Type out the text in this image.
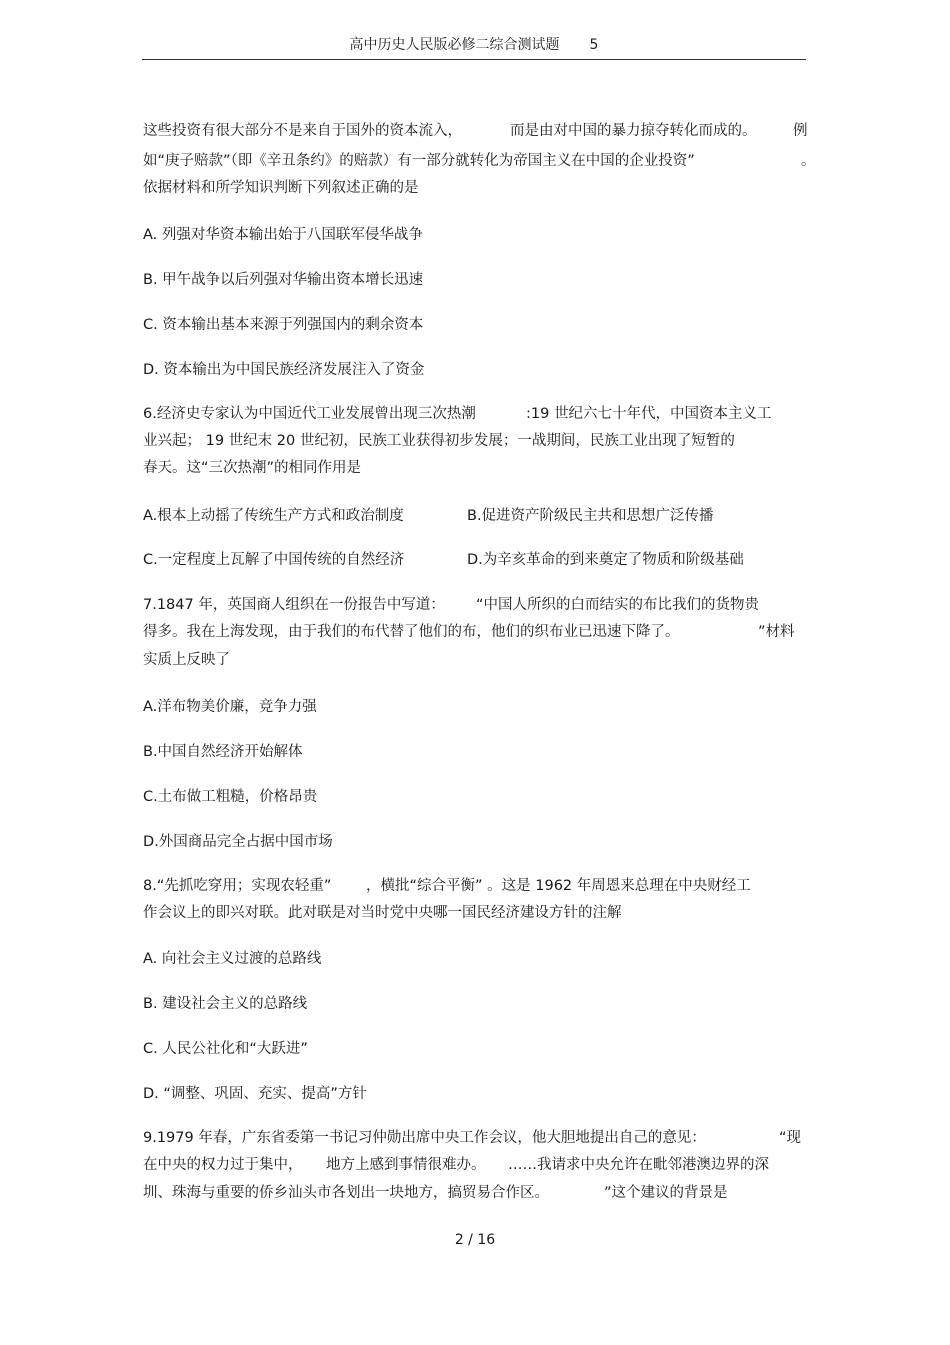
高中历史人民版必修二综合测试题 5
这些投资有很大部分不是来自于国外的资本流入，	而是由对中国的暴力掠夺转化而成的。	例
如“庚子赔款”（即《辛丑条约》的赔款）有一部分就转化为帝国主义在中国的企业投资”	。
依据材料和所学知识判断下列叙述正确的是
A. 列强对华资本输出始于八国联军侵华战争
B. 甲午战争以后列强对华输出资本增长迅速
C. 资本输出基本来源于列强国内的剩余资本
D. 资本输出为中国民族经济发展注入了资金
6.经济史专家认为中国近代工业发展曾出现三次热潮	:19 世纪六七十年代，中国资本主义工
业兴起； 19 世纪末 20 世纪初，民族工业获得初步发展；一战期间，民族工业出现了短暂的
春天。这“三次热潮”的相同作用是
A.根本上动摇了传统生产方式和政治制度	B.促进资产阶级民主共和思想广泛传播
C.一定程度上瓦解了中国传统的自然经济	D.为辛亥革命的到来奠定了物质和阶级基础
7.1847 年，英国商人组织在一份报告中写道： “中国人所织的白而结实的布比我们的货物贵
得多。我在上海发现，由于我们的布代替了他们的布，他们的织布业已迅速下降了。	”材料
实质上反映了
A.洋布物美价廉，竞争力强
B.中国自然经济开始解体
C.土布做工粗糙，价格昂贵
D.外国商品完全占据中国市场
8.“先抓吃穿用；实现农轻重” ，横批“综合平衡” 。这是 1962 年周恩来总理在中央财经工
作会议上的即兴对联。此对联是对当时党中央哪一国民经济建设方针的注解
A. 向社会主义过渡的总路线
B. 建设社会主义的总路线
C. 人民公社化和“大跃进”
D. “调整、巩固、充实、提高”方针
9.1979 年春，广东省委第一书记习仲勋出席中央工作会议，他大胆地提出自己的意见：	“现
在中央的权力过于集中， 地方上感到事情很难办。 ……我请求中央允许在毗邻港澳边界的深
圳、珠海与重要的侨乡汕头市各划出一块地方，搞贸易合作区。	”这个建议的背景是
2 / 16
